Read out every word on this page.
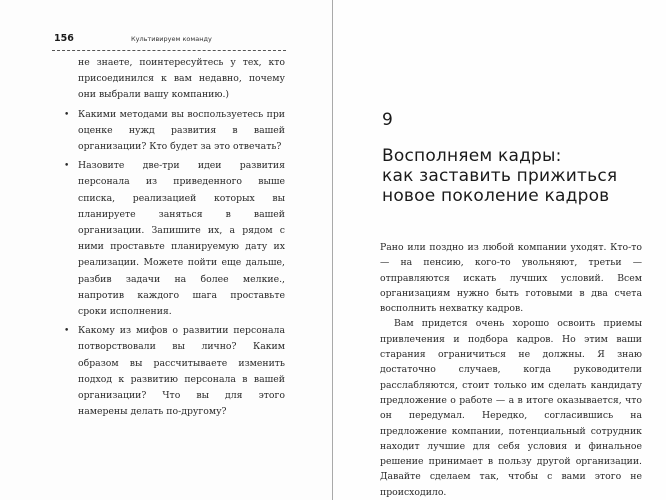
156	Культивируем команду

не знаете, поинтересуйтесь у тех, кто присоединился к вам недавно, почему они выбрали вашу компанию.)

• Какими методами вы воспользуетесь при оценке нужд развития в вашей организации? Кто будет за это отвечать?

• Назовите две-три идеи развития персонала из приведенного выше списка, реализацией которых вы планируете заняться в вашей организации. Запишите их, а рядом с ними проставьте планируемую дату их реализации. Можете пойти еще дальше, разбив задачи на более мелкие., напротив каждого шага проставьте сроки исполнения.

• Какому из мифов о развитии персонала потворствовали вы лично? Каким образом вы рассчитываете изменить подход к развитию персонала в вашей организации? Что вы для этого намерены делать по-другому?

9
Восполняем кадры:
как заставить прижиться
новое поколение кадров

Рано или поздно из любой компании уходят. Кто-то — на пенсию, кого-то увольняют, третьи — отправляются искать лучших условий. Всем организациям нужно быть готовыми в два счета восполнить нехватку кадров.

Вам придется очень хорошо освоить приемы привлечения и подбора кадров. Но этим ваши старания ограничиться не должны. Я знаю достаточно случаев, когда руководители расслабляются, стоит только им сделать кандидату предложение о работе — а в итоге оказывается, что он передумал. Нередко, согласившись на предложение компании, потенциальный сотрудник находит лучшие для себя условия и финальное решение принимает в пользу другой организации. Давайте сделаем так, чтобы с вами этого не происходило.
